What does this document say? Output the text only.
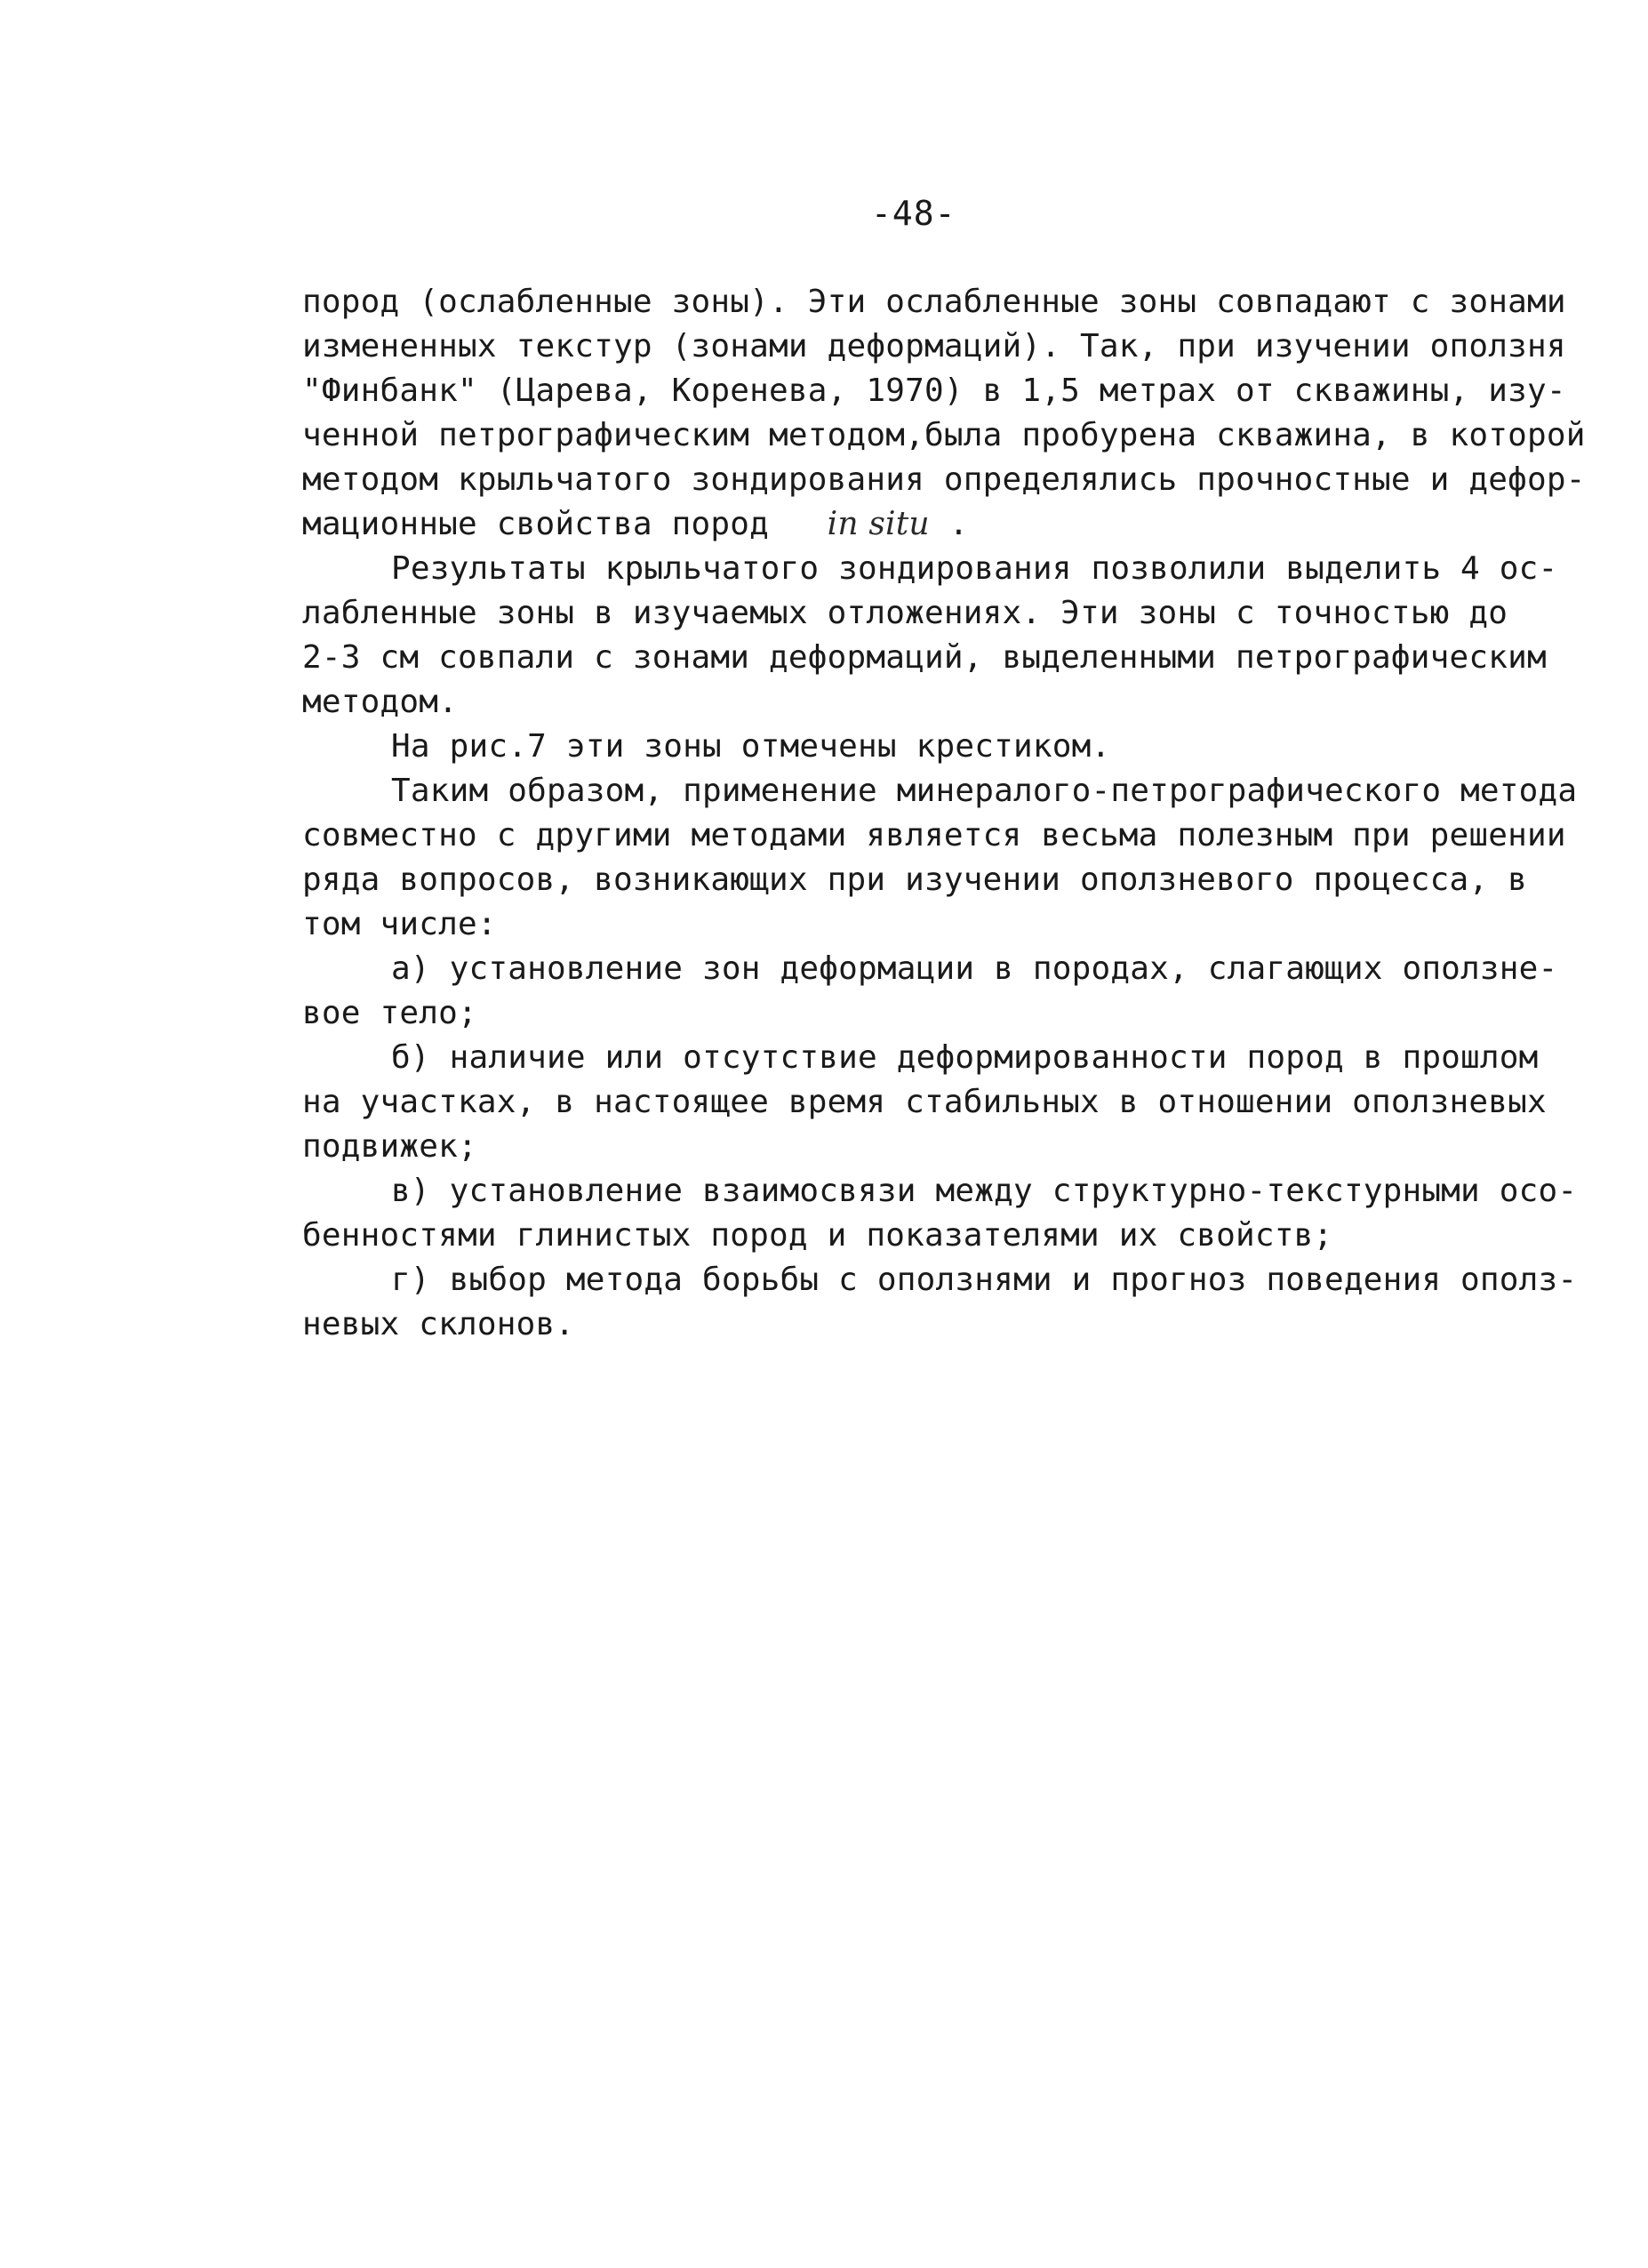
-48-
пород (ослабленные зоны). Эти ослабленные зоны совпадают с зонами
измененных текстур (зонами деформаций). Так, при изучении оползня
"Финбанк" (Царева, Коренева, 1970) в 1,5 метрах от скважины, изу-
ченной петрографическим методом,была пробурена скважина, в которой
методом крыльчатого зондирования определялись прочностные и дефор-
мационные свойства пород in situ .
Результаты крыльчатого зондирования позволили выделить 4 ос-
лабленные зоны в изучаемых отложениях. Эти зоны с точностью до
2-3 см совпали с зонами деформаций, выделенными петрографическим
методом.
На рис.7 эти зоны отмечены крестиком.
Таким образом, применение минералого-петрографического метода
совместно с другими методами является весьма полезным при решении
ряда вопросов, возникающих при изучении оползневого процесса, в
том числе:
а) установление зон деформации в породах, слагающих оползне-
вое тело;
б) наличие или отсутствие деформированности пород в прошлом
на участках, в настоящее время стабильных в отношении оползневых
подвижек;
в) установление взаимосвязи между структурно-текстурными осо-
бенностями глинистых пород и показателями их свойств;
г) выбор метода борьбы с оползнями и прогноз поведения ополз-
невых склонов.
